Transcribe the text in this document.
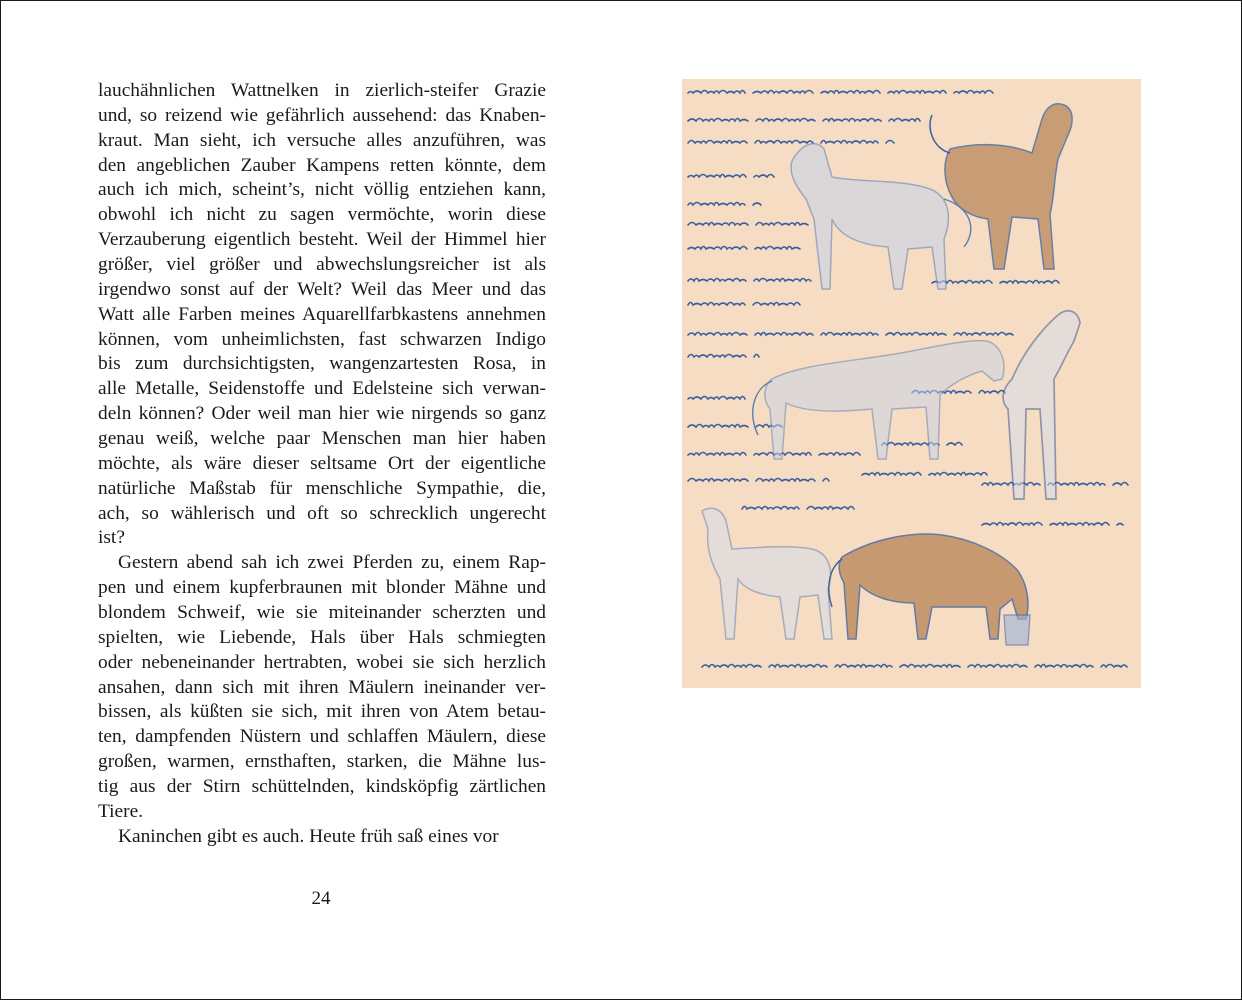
lauchähnlichen Wattnelken in zierlich-steifer Grazie
und, so reizend wie gefährlich aussehend: das Knaben-
kraut. Man sieht, ich versuche alles anzuführen, was
den angeblichen Zauber Kampens retten könnte, dem
auch ich mich, scheint’s, nicht völlig entziehen kann,
obwohl ich nicht zu sagen vermöchte, worin diese
Verzauberung eigentlich besteht. Weil der Himmel hier
größer, viel größer und abwechslungsreicher ist als
irgendwo sonst auf der Welt? Weil das Meer und das
Watt alle Farben meines Aquarellfarbkastens annehmen
können, vom unheimlichsten, fast schwarzen Indigo
bis zum durchsichtigsten, wangenzartesten Rosa, in
alle Metalle, Seidenstoffe und Edelsteine sich verwan-
deln können? Oder weil man hier wie nirgends so ganz
genau weiß, welche paar Menschen man hier haben
möchte, als wäre dieser seltsame Ort der eigentliche
natürliche Maßstab für menschliche Sympathie, die,
ach, so wählerisch und oft so schrecklich ungerecht
ist?
Gestern abend sah ich zwei Pferden zu, einem Rap-
pen und einem kupferbraunen mit blonder Mähne und
blondem Schweif, wie sie miteinander scherzten und
spielten, wie Liebende, Hals über Hals schmiegten
oder nebeneinander hertrabten, wobei sie sich herzlich
ansahen, dann sich mit ihren Mäulern ineinander ver-
bissen, als küßten sie sich, mit ihren von Atem betau-
ten, dampfenden Nüstern und schlaffen Mäulern, diese
großen, warmen, ernsthaften, starken, die Mähne lus-
tig aus der Stirn schüttelnden, kindsköpfig zärtlichen
Tiere.
Kaninchen gibt es auch. Heute früh saß eines vor
24
